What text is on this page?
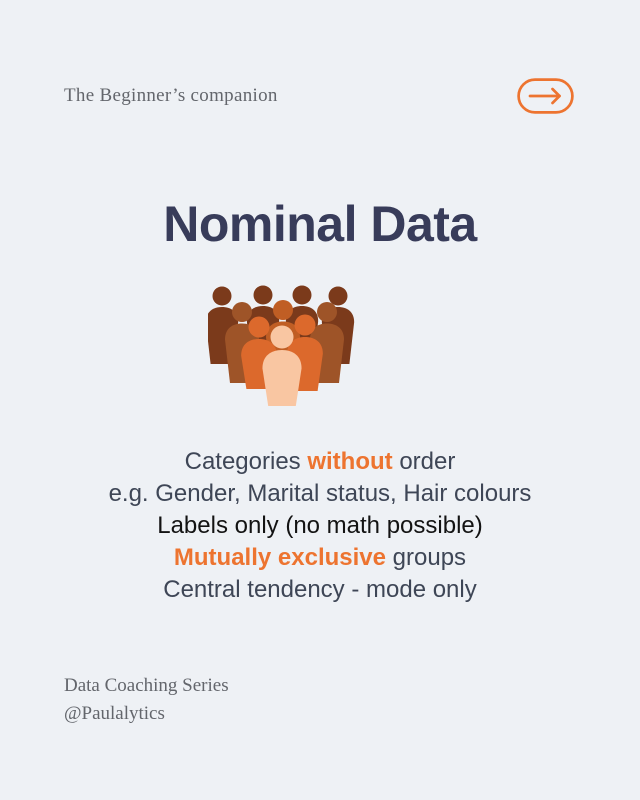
The Beginner’s companion
Nominal Data

Categories without order

e.g. Gender, Marital status, Hair colours

Labels only (no math possible)

Mutually exclusive groups

Central tendency - mode only

Data Coaching Series
@Paulalytics
